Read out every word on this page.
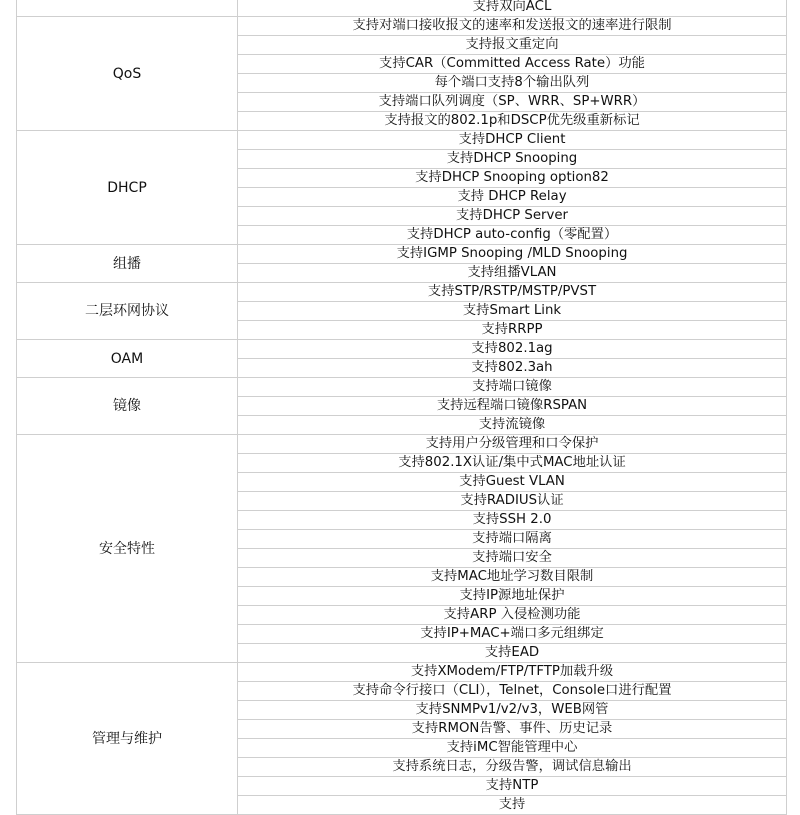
	支持双向ACL
QoS	支持对端口接收报文的速率和发送报文的速率进行限制
	支持报文重定向
	支持CAR（Committed Access Rate）功能
	每个端口支持8个输出队列
	支持端口队列调度（SP、WRR、SP+WRR）
	支持报文的802.1p和DSCP优先级重新标记
DHCP	支持DHCP Client
	支持DHCP Snooping
	支持DHCP Snooping option82
	支持 DHCP Relay
	支持DHCP Server
	支持DHCP auto-config（零配置）
组播	支持IGMP Snooping /MLD Snooping
	支持组播VLAN
二层环网协议	支持STP/RSTP/MSTP/PVST
	支持Smart Link
	支持RRPP
OAM	支持802.1ag
	支持802.3ah
镜像	支持端口镜像
	支持远程端口镜像RSPAN
	支持流镜像
安全特性	支持用户分级管理和口令保护
	支持802.1X认证/集中式MAC地址认证
	支持Guest VLAN
	支持RADIUS认证
	支持SSH 2.0
	支持端口隔离
	支持端口安全
	支持MAC地址学习数目限制
	支持IP源地址保护
	支持ARP 入侵检测功能
	支持IP+MAC+端口多元组绑定
	支持EAD
管理与维护	支持XModem/FTP/TFTP加载升级
	支持命令行接口（CLI），Telnet，Console口进行配置
	支持SNMPv1/v2/v3，WEB网管
	支持RMON告警、事件、历史记录
	支持iMC智能管理中心
	支持系统日志，分级告警，调试信息输出
	支持NTP
	支持
